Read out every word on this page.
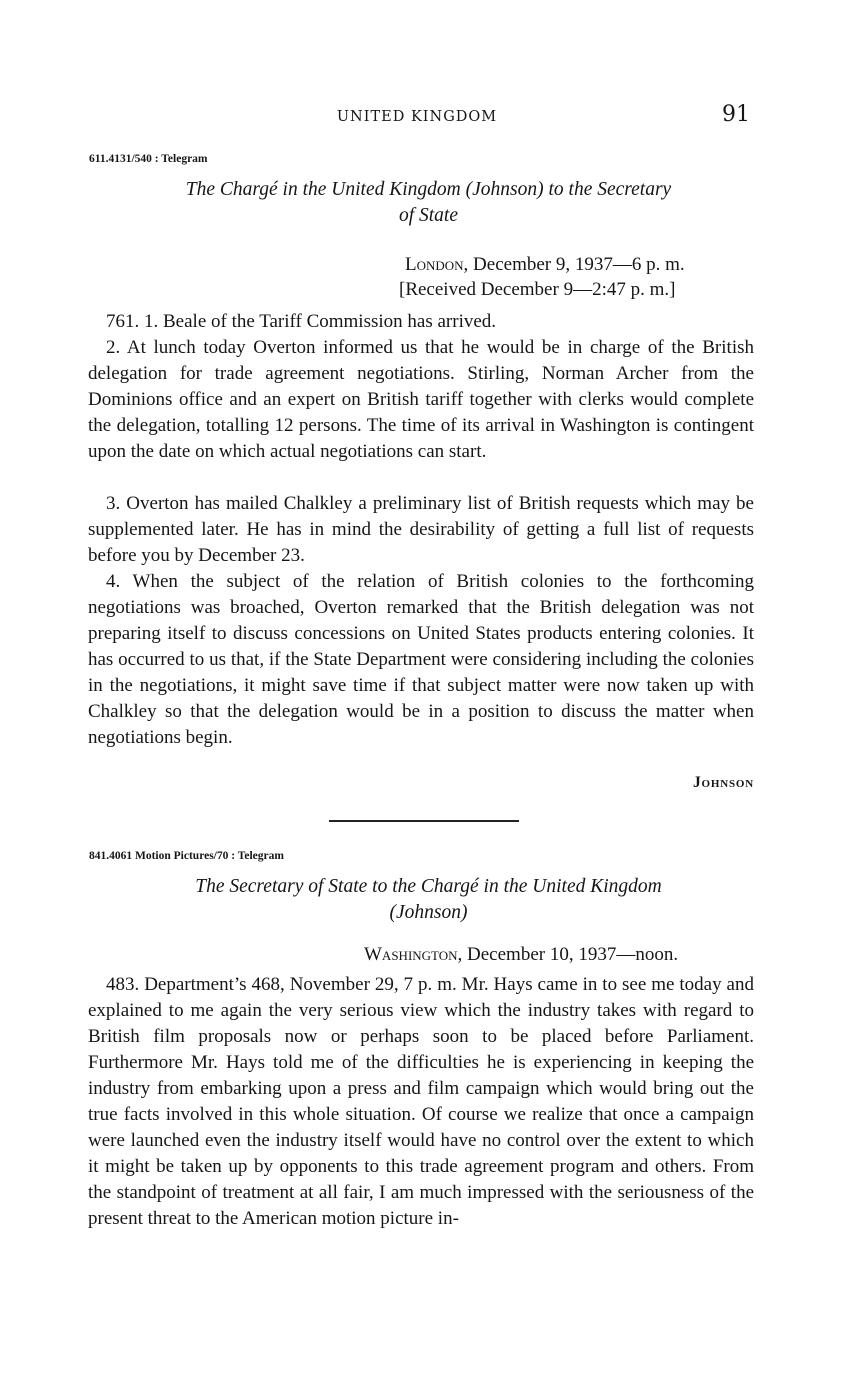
UNITED KINGDOM	91
611.4131/540 : Telegram
The Chargé in the United Kingdom (Johnson) to the Secretary
of State
London, December 9, 1937—6 p. m.
[Received December 9—2:47 p. m.]

761. 1. Beale of the Tariff Commission has arrived.

2. At lunch today Overton informed us that he would be in charge of the British delegation for trade agreement negotiations. Stirling, Norman Archer from the Dominions office and an expert on British tariff together with clerks would complete the delegation, totalling 12 persons. The time of its arrival in Washington is contingent upon the date on which actual negotiations can start.

3. Overton has mailed Chalkley a preliminary list of British requests which may be supplemented later. He has in mind the desirability of getting a full list of requests before you by December 23.

4. When the subject of the relation of British colonies to the forthcoming negotiations was broached, Overton remarked that the British delegation was not preparing itself to discuss concessions on United States products entering colonies. It has occurred to us that, if the State Department were considering including the colonies in the negotiations, it might save time if that subject matter were now taken up with Chalkley so that the delegation would be in a position to discuss the matter when negotiations begin.

Johnson
841.4061 Motion Pictures/70 : Telegram
The Secretary of State to the Chargé in the United Kingdom
(Johnson)
Washington, December 10, 1937—noon.

483. Department’s 468, November 29, 7 p. m. Mr. Hays came in to see me today and explained to me again the very serious view which the industry takes with regard to British film proposals now or perhaps soon to be placed before Parliament. Furthermore Mr. Hays told me of the difficulties he is experiencing in keeping the industry from embarking upon a press and film campaign which would bring out the true facts involved in this whole situation. Of course we realize that once a campaign were launched even the industry itself would have no control over the extent to which it might be taken up by opponents to this trade agreement program and others. From the standpoint of treatment at all fair, I am much impressed with the seriousness of the present threat to the American motion picture in-
